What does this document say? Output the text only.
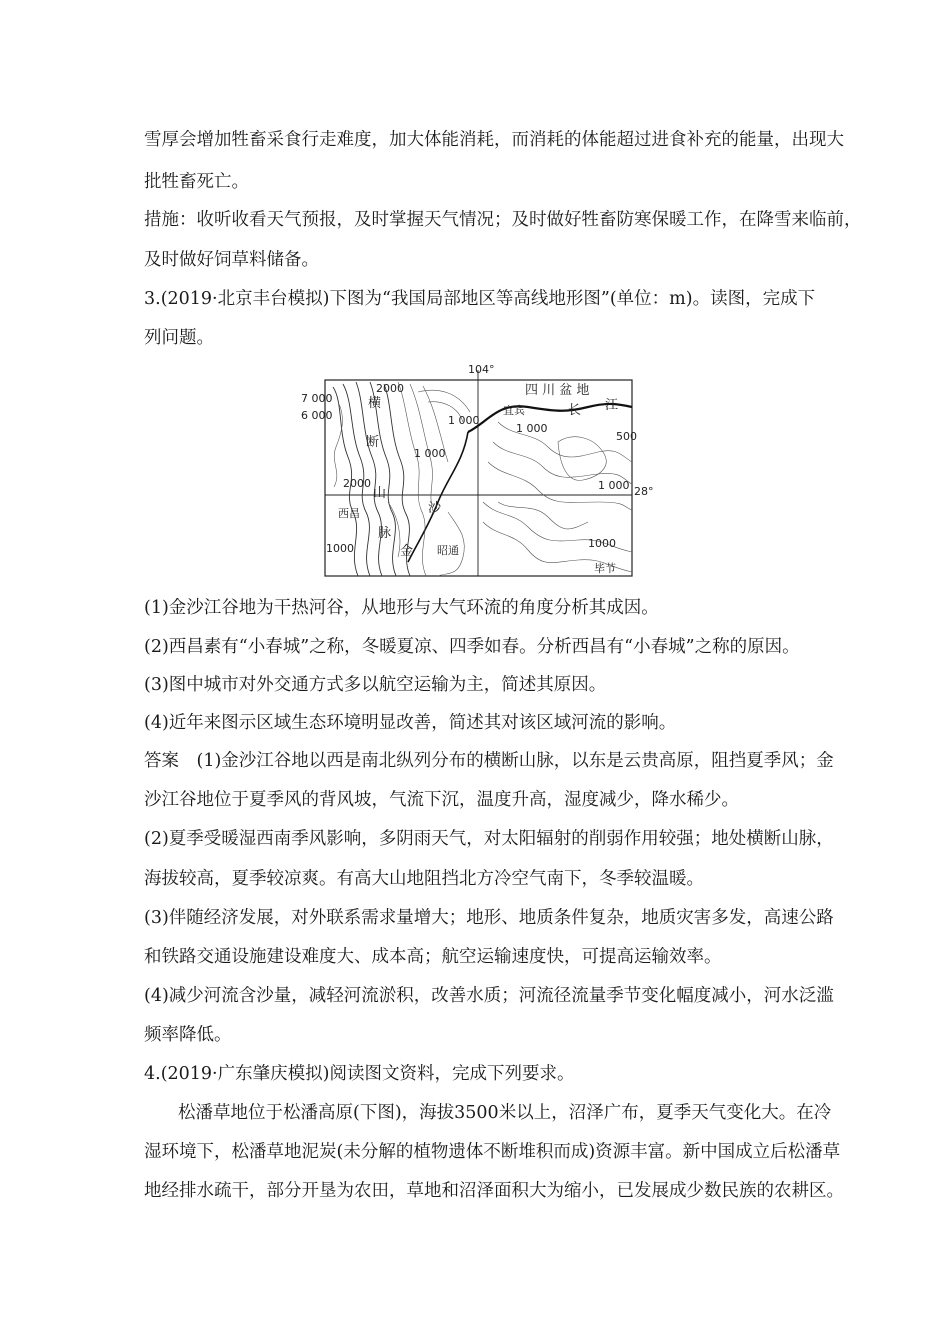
雪厚会增加牲畜采食行走难度，加大体能消耗，而消耗的体能超过进食补充的能量，出现大
批牲畜死亡。
措施：收听收看天气预报，及时掌握天气情况；及时做好牲畜防寒保暖工作，在降雪来临前，
及时做好饲草料储备。
3.(2019·北京丰台模拟)下图为“我国局部地区等高线地形图”(单位：m)。读图，完成下
列问题。
104°
28°
7 000
6 000
四 川 盆 地
宜宾	长 江
横
断
山
脉
西昌
金
沙
昭通
毕节
2000
1 000
1 000
1 000
1 000
500
2000
1000	1000
(1)金沙江谷地为干热河谷，从地形与大气环流的角度分析其成因。
(2)西昌素有“小春城”之称，冬暖夏凉、四季如春。分析西昌有“小春城”之称的原因。
(3)图中城市对外交通方式多以航空运输为主，简述其原因。
(4)近年来图示区域生态环境明显改善，简述其对该区域河流的影响。
答案　(1)金沙江谷地以西是南北纵列分布的横断山脉，以东是云贵高原，阻挡夏季风；金
沙江谷地位于夏季风的背风坡，气流下沉，温度升高，湿度减少，降水稀少。
(2)夏季受暖湿西南季风影响，多阴雨天气，对太阳辐射的削弱作用较强；地处横断山脉，
海拔较高，夏季较凉爽。有高大山地阻挡北方冷空气南下，冬季较温暖。
(3)伴随经济发展，对外联系需求量增大；地形、地质条件复杂，地质灾害多发，高速公路
和铁路交通设施建设难度大、成本高；航空运输速度快，可提高运输效率。
(4)减少河流含沙量，减轻河流淤积，改善水质；河流径流量季节变化幅度减小，河水泛滥
频率降低。
4.(2019·广东肇庆模拟)阅读图文资料，完成下列要求。
松潘草地位于松潘高原(下图)，海拔3500米以上，沼泽广布，夏季天气变化大。在冷
湿环境下，松潘草地泥炭(未分解的植物遗体不断堆积而成)资源丰富。新中国成立后松潘草
地经排水疏干，部分开垦为农田，草地和沼泽面积大为缩小，已发展成少数民族的农耕区。
